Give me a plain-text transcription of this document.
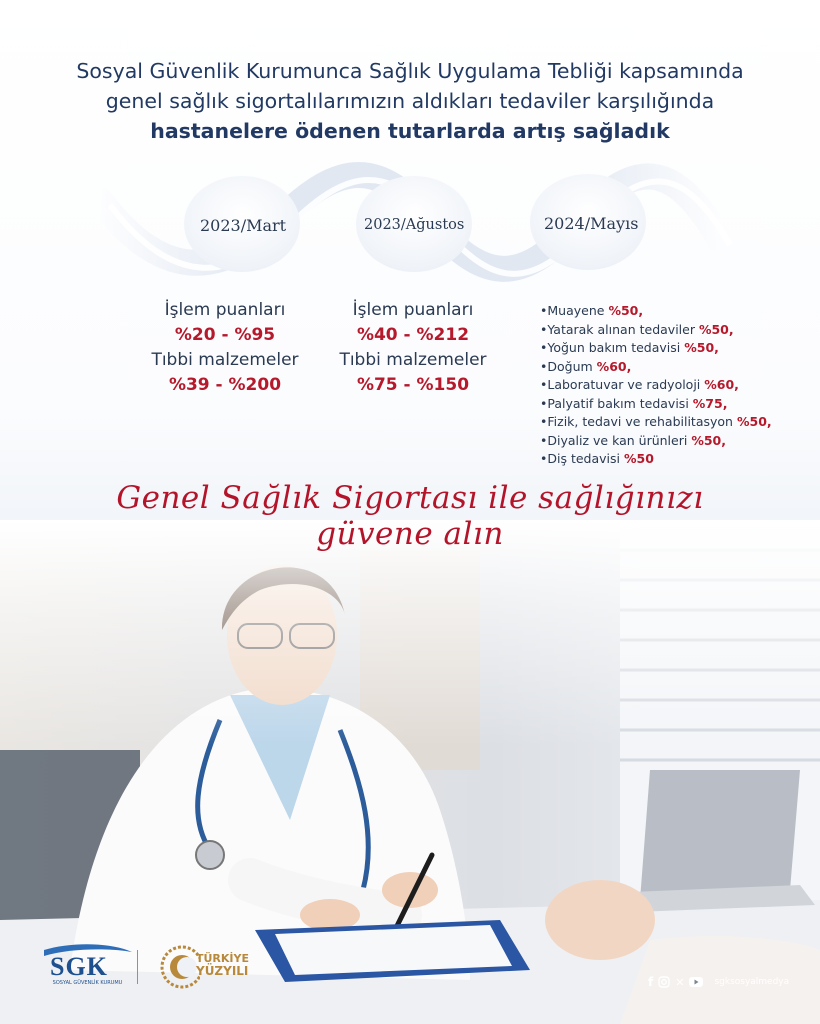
Sosyal Güvenlik Kurumunca Sağlık Uygulama Tebliği kapsamında
genel sağlık sigortalılarımızın aldıkları tedaviler karşılığında
hastanelere ödenen tutarlarda artış sağladık
2023/Mart	2023/Ağustos	2024/Mayıs
İşlem puanları
%20 - %95
Tıbbi malzemeler
%39 - %200
İşlem puanları
%40 - %212
Tıbbi malzemeler
%75 - %150
• Muayene %50,
• Yatarak alınan tedaviler %50,
• Yoğun bakım tedavisi %50,
• Doğum %60,
• Laboratuvar ve radyoloji %60,
• Palyatif bakım tedavisi %75,
• Fizik, tedavi ve rehabilitasyon %50,
• Diyaliz ve kan ürünleri %50,
• Diş tedavisi %50
Genel Sağlık Sigortası ile sağlığınızı güvene alın
SGK
SOSYAL GÜVENLİK KURUMU
TÜRKİYE
YÜZYILI
f ✕	sgksosyalmedya
